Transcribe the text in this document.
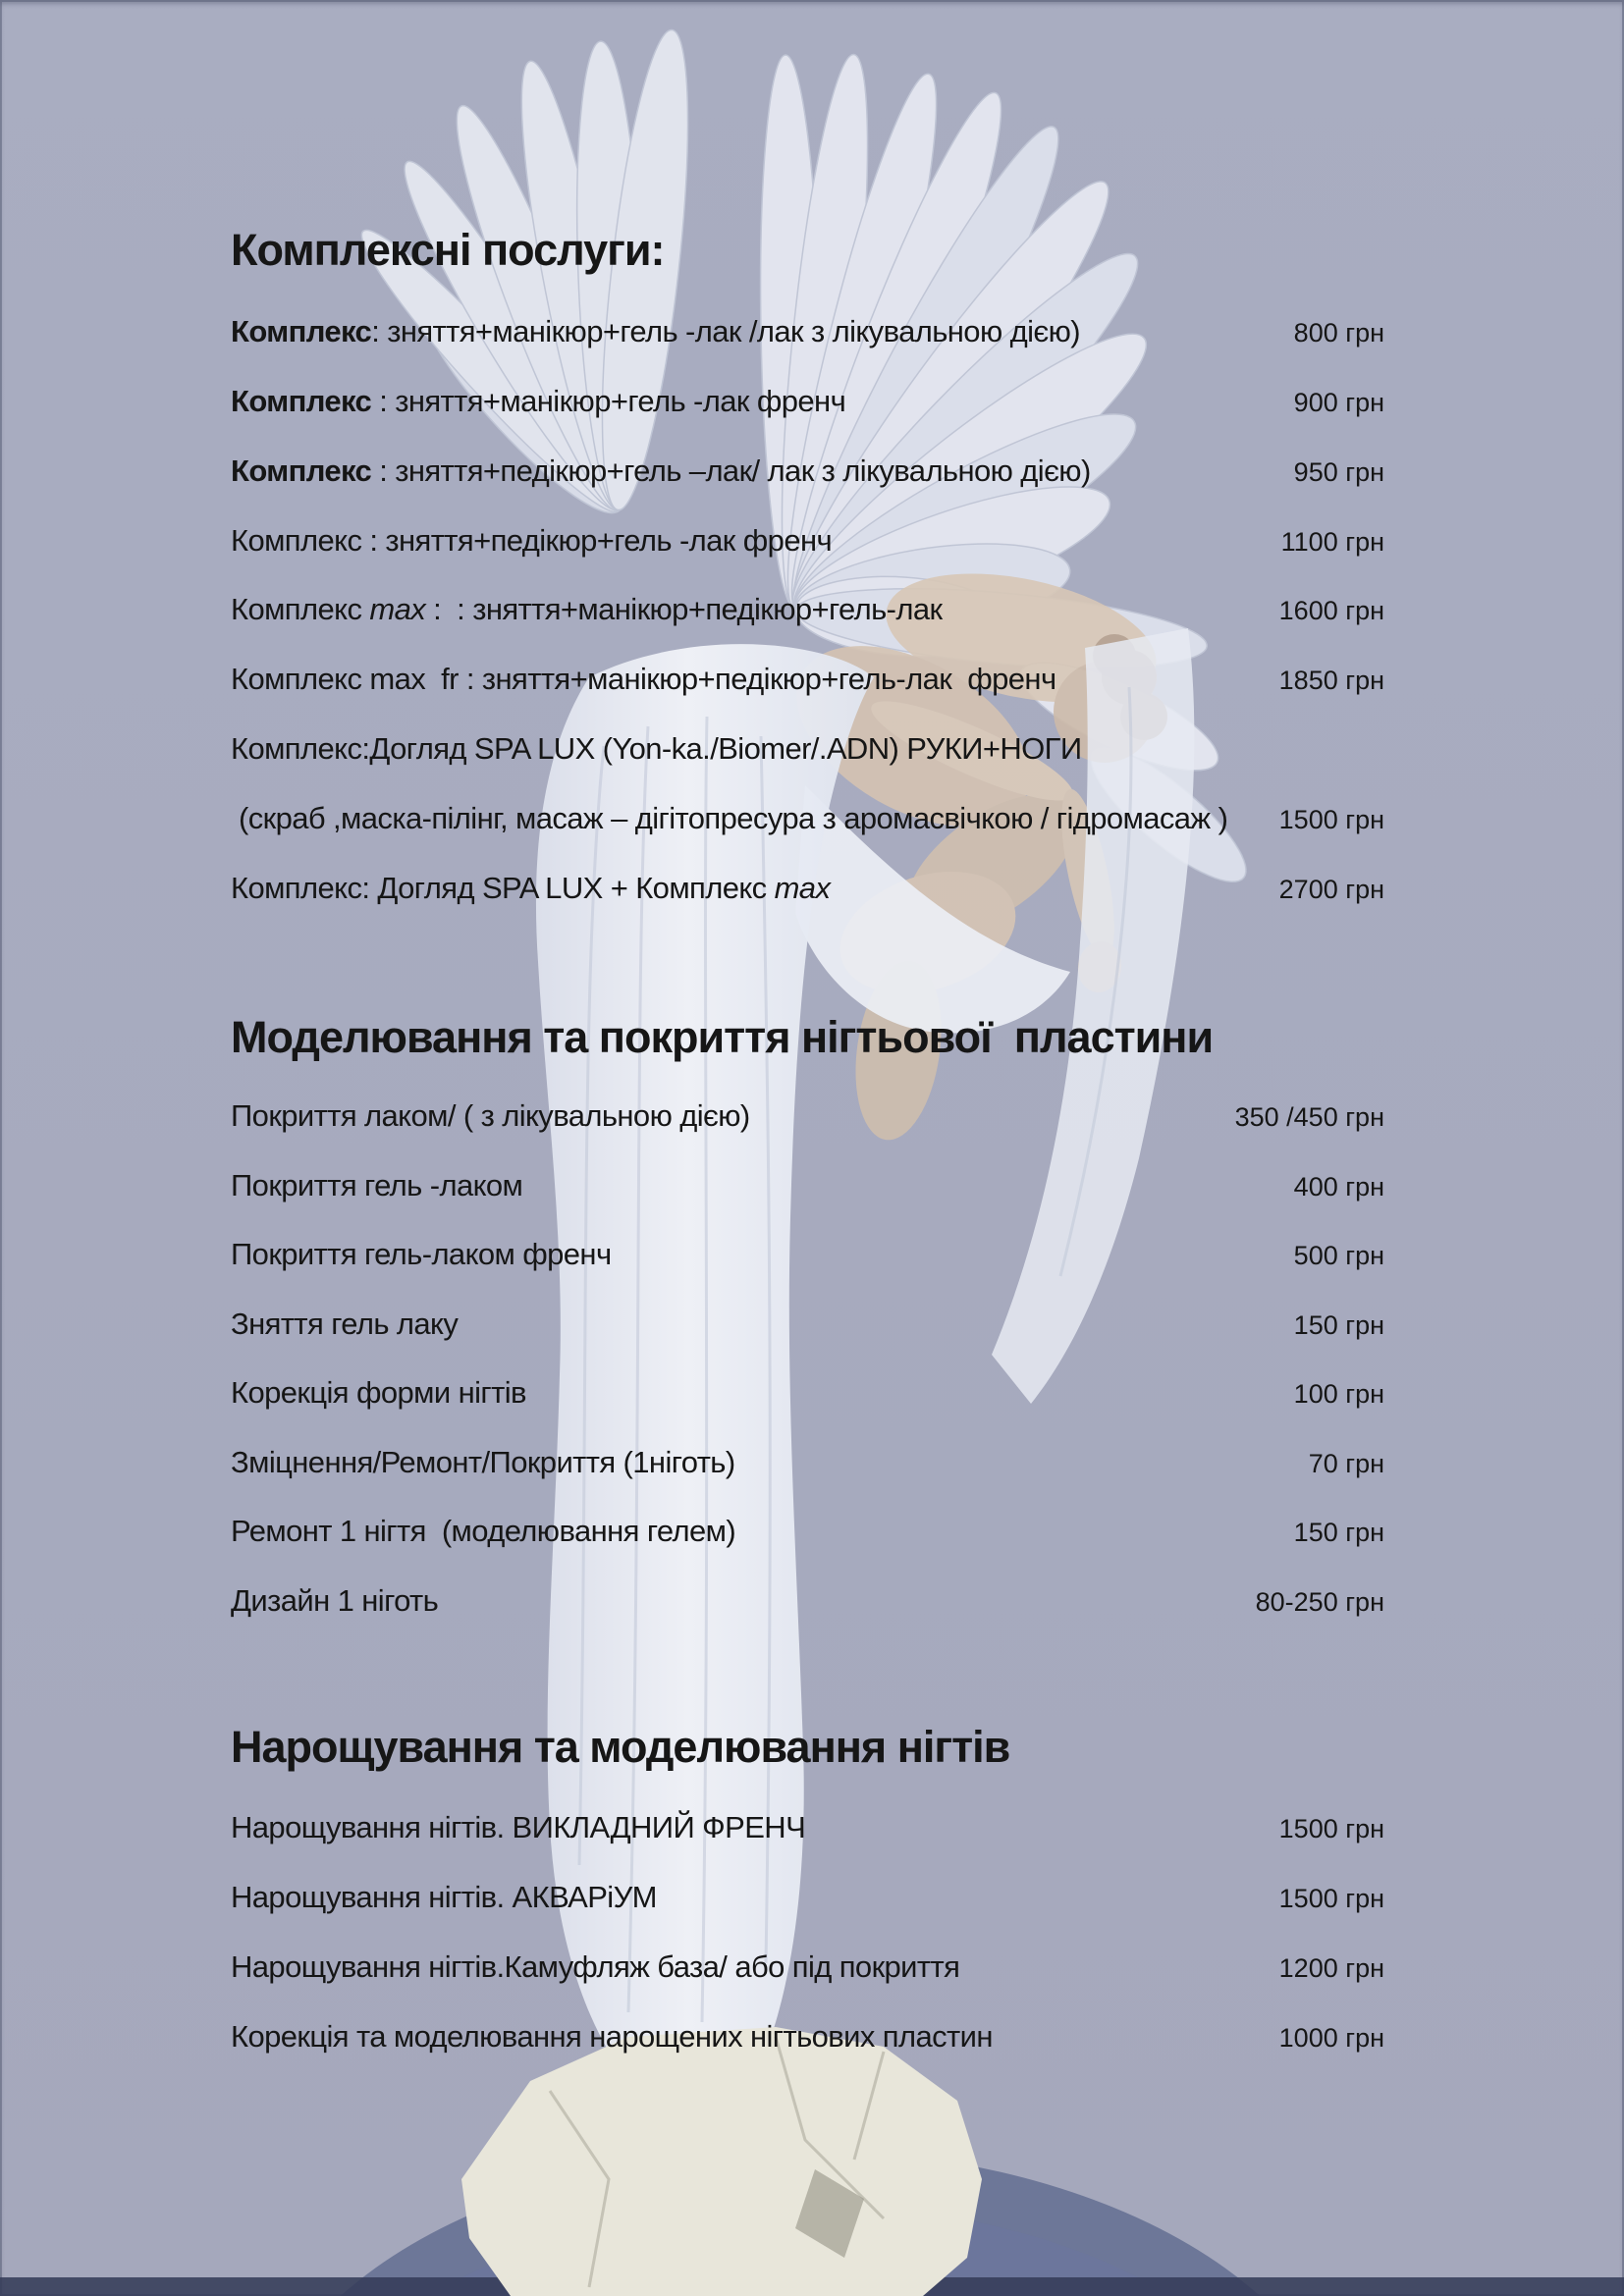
Комплексні послуги:
Комплекс: зняття+манікюр+гель -лак /лак з лікувальною дією)	800 грн
Комплекс : зняття+манікюр+гель -лак френч	900 грн
Комплекс : зняття+педікюр+гель –лак/ лак з лікувальною дією)	950 грн
Комплекс : зняття+педікюр+гель -лак френч	1100 грн
Комплекс max :  : зняття+манікюр+педікюр+гель-лак	1600 грн
Комплекс max  fr : зняття+манікюр+педікюр+гель-лак  френч	1850 грн
Комплекс:Догляд SPA LUX (Yon-ka./Biomer/.ADN) РУКИ+НОГИ
(скраб ,маска-пілінг, масаж – дігітопресура з аромасвічкою / гідромасаж ) 1500 грн
Комплекс: Догляд SPA LUX + Комплекс max	2700 грн
Моделювання та покриття нігтьової  пластини
Покриття лаком/ ( з лікувальною дією)	350 /450 грн
Покриття гель -лаком	400 грн
Покриття гель-лаком френч	500 грн
Зняття гель лаку	150 грн
Корекція форми нігтів	100 грн
Зміцнення/Ремонт/Покриття (1ніготь)	70 грн
Ремонт 1 нігтя  (моделювання гелем)	150 грн
Дизайн 1 ніготь	80-250 грн
Нарощування та моделювання нігтів
Нарощування нігтів. ВИКЛАДНИЙ ФРЕНЧ	1500 грн
Нарощування нігтів. АКВАРіУМ	1500 грн
Нарощування нігтів.Камуфляж база/ або під покриття	1200 грн
Корекція та моделювання нарощених нігтьових пластин	1000 грн
